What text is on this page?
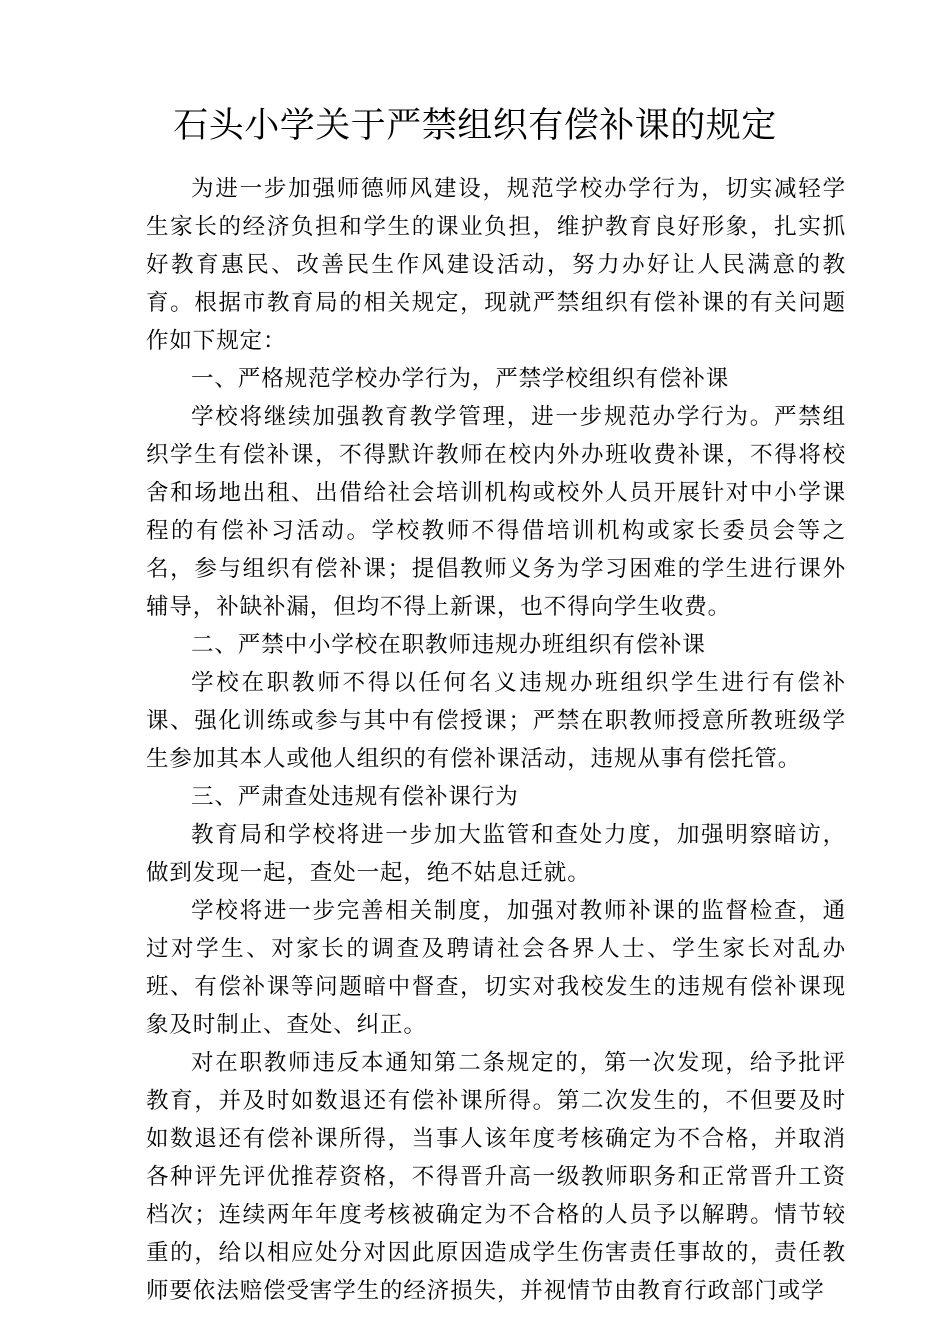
石头小学关于严禁组织有偿补课的规定

为进一步加强师德师风建设，规范学校办学行为，切实减轻学生家长的经济负担和学生的课业负担，维护教育良好形象，扎实抓好教育惠民、改善民生作风建设活动，努力办好让人民满意的教育。根据市教育局的相关规定，现就严禁组织有偿补课的有关问题作如下规定：

一、严格规范学校办学行为，严禁学校组织有偿补课

学校将继续加强教育教学管理，进一步规范办学行为。严禁组织学生有偿补课，不得默许教师在校内外办班收费补课，不得将校舍和场地出租、出借给社会培训机构或校外人员开展针对中小学课程的有偿补习活动。学校教师不得借培训机构或家长委员会等之名，参与组织有偿补课；提倡教师义务为学习困难的学生进行课外辅导，补缺补漏，但均不得上新课，也不得向学生收费。

二、严禁中小学校在职教师违规办班组织有偿补课

学校在职教师不得以任何名义违规办班组织学生进行有偿补课、强化训练或参与其中有偿授课；严禁在职教师授意所教班级学生参加其本人或他人组织的有偿补课活动，违规从事有偿托管。

三、严肃查处违规有偿补课行为

教育局和学校将进一步加大监管和查处力度，加强明察暗访，做到发现一起，查处一起，绝不姑息迁就。

学校将进一步完善相关制度，加强对教师补课的监督检查，通过对学生、对家长的调查及聘请社会各界人士、学生家长对乱办班、有偿补课等问题暗中督查，切实对我校发生的违规有偿补课现象及时制止、查处、纠正。

对在职教师违反本通知第二条规定的，第一次发现，给予批评教育，并及时如数退还有偿补课所得。第二次发生的，不但要及时如数退还有偿补课所得，当事人该年度考核确定为不合格，并取消各种评先评优推荐资格，不得晋升高一级教师职务和正常晋升工资档次；连续两年年度考核被确定为不合格的人员予以解聘。情节较重的，给以相应处分对因此原因造成学生伤害责任事故的，责任教师要依法赔偿受害学生的经济损失，并视情节由教育行政部门或学
